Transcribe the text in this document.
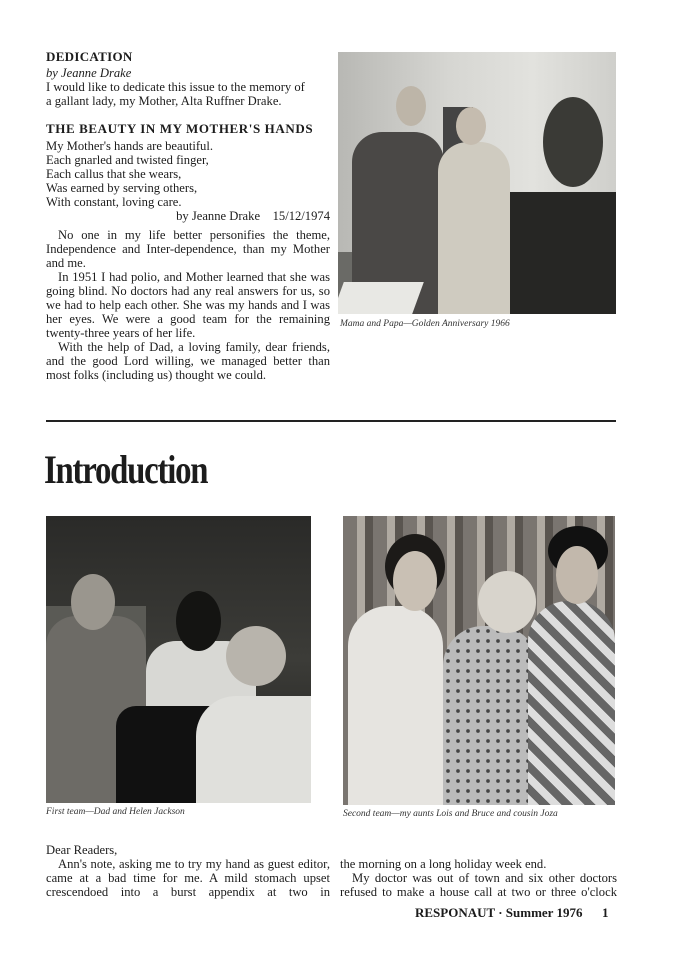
DEDICATION
by Jeanne Drake
I would like to dedicate this issue to the memory of
a gallant lady, my Mother, Alta Ruffner Drake.
THE BEAUTY IN MY MOTHER'S HANDS
My Mother's hands are beautiful.
Each gnarled and twisted finger,
Each callus that she wears,
Was earned by serving others,
With constant, loving care.
by Jeanne Drake 15/12/1974

No one in my life better personifies the theme, Independence and Inter-dependence, than my Mother and me.

In 1951 I had polio, and Mother learned that she was going blind. No doctors had any real answers for us, so we had to help each other. She was my hands and I was her eyes. We were a good team for the remaining twenty-three years of her life.

With the help of Dad, a loving family, dear friends, and the good Lord willing, we managed better than most folks (including us) thought we could.

Mama and Papa—Golden Anniversary 1966
Introduction
First team—Dad and Helen Jackson	Second team—my aunts Lois and Bruce and cousin Joza
Dear Readers,

Ann's note, asking me to try my hand as guest editor, came at a bad time for me. A mild stomach upset crescendoed into a burst appendix at two in

the morning on a long holiday week end.

My doctor was out of town and six other doctors refused to make a house call at two or three o'clock

RESPONAUT · Summer 1976 1
